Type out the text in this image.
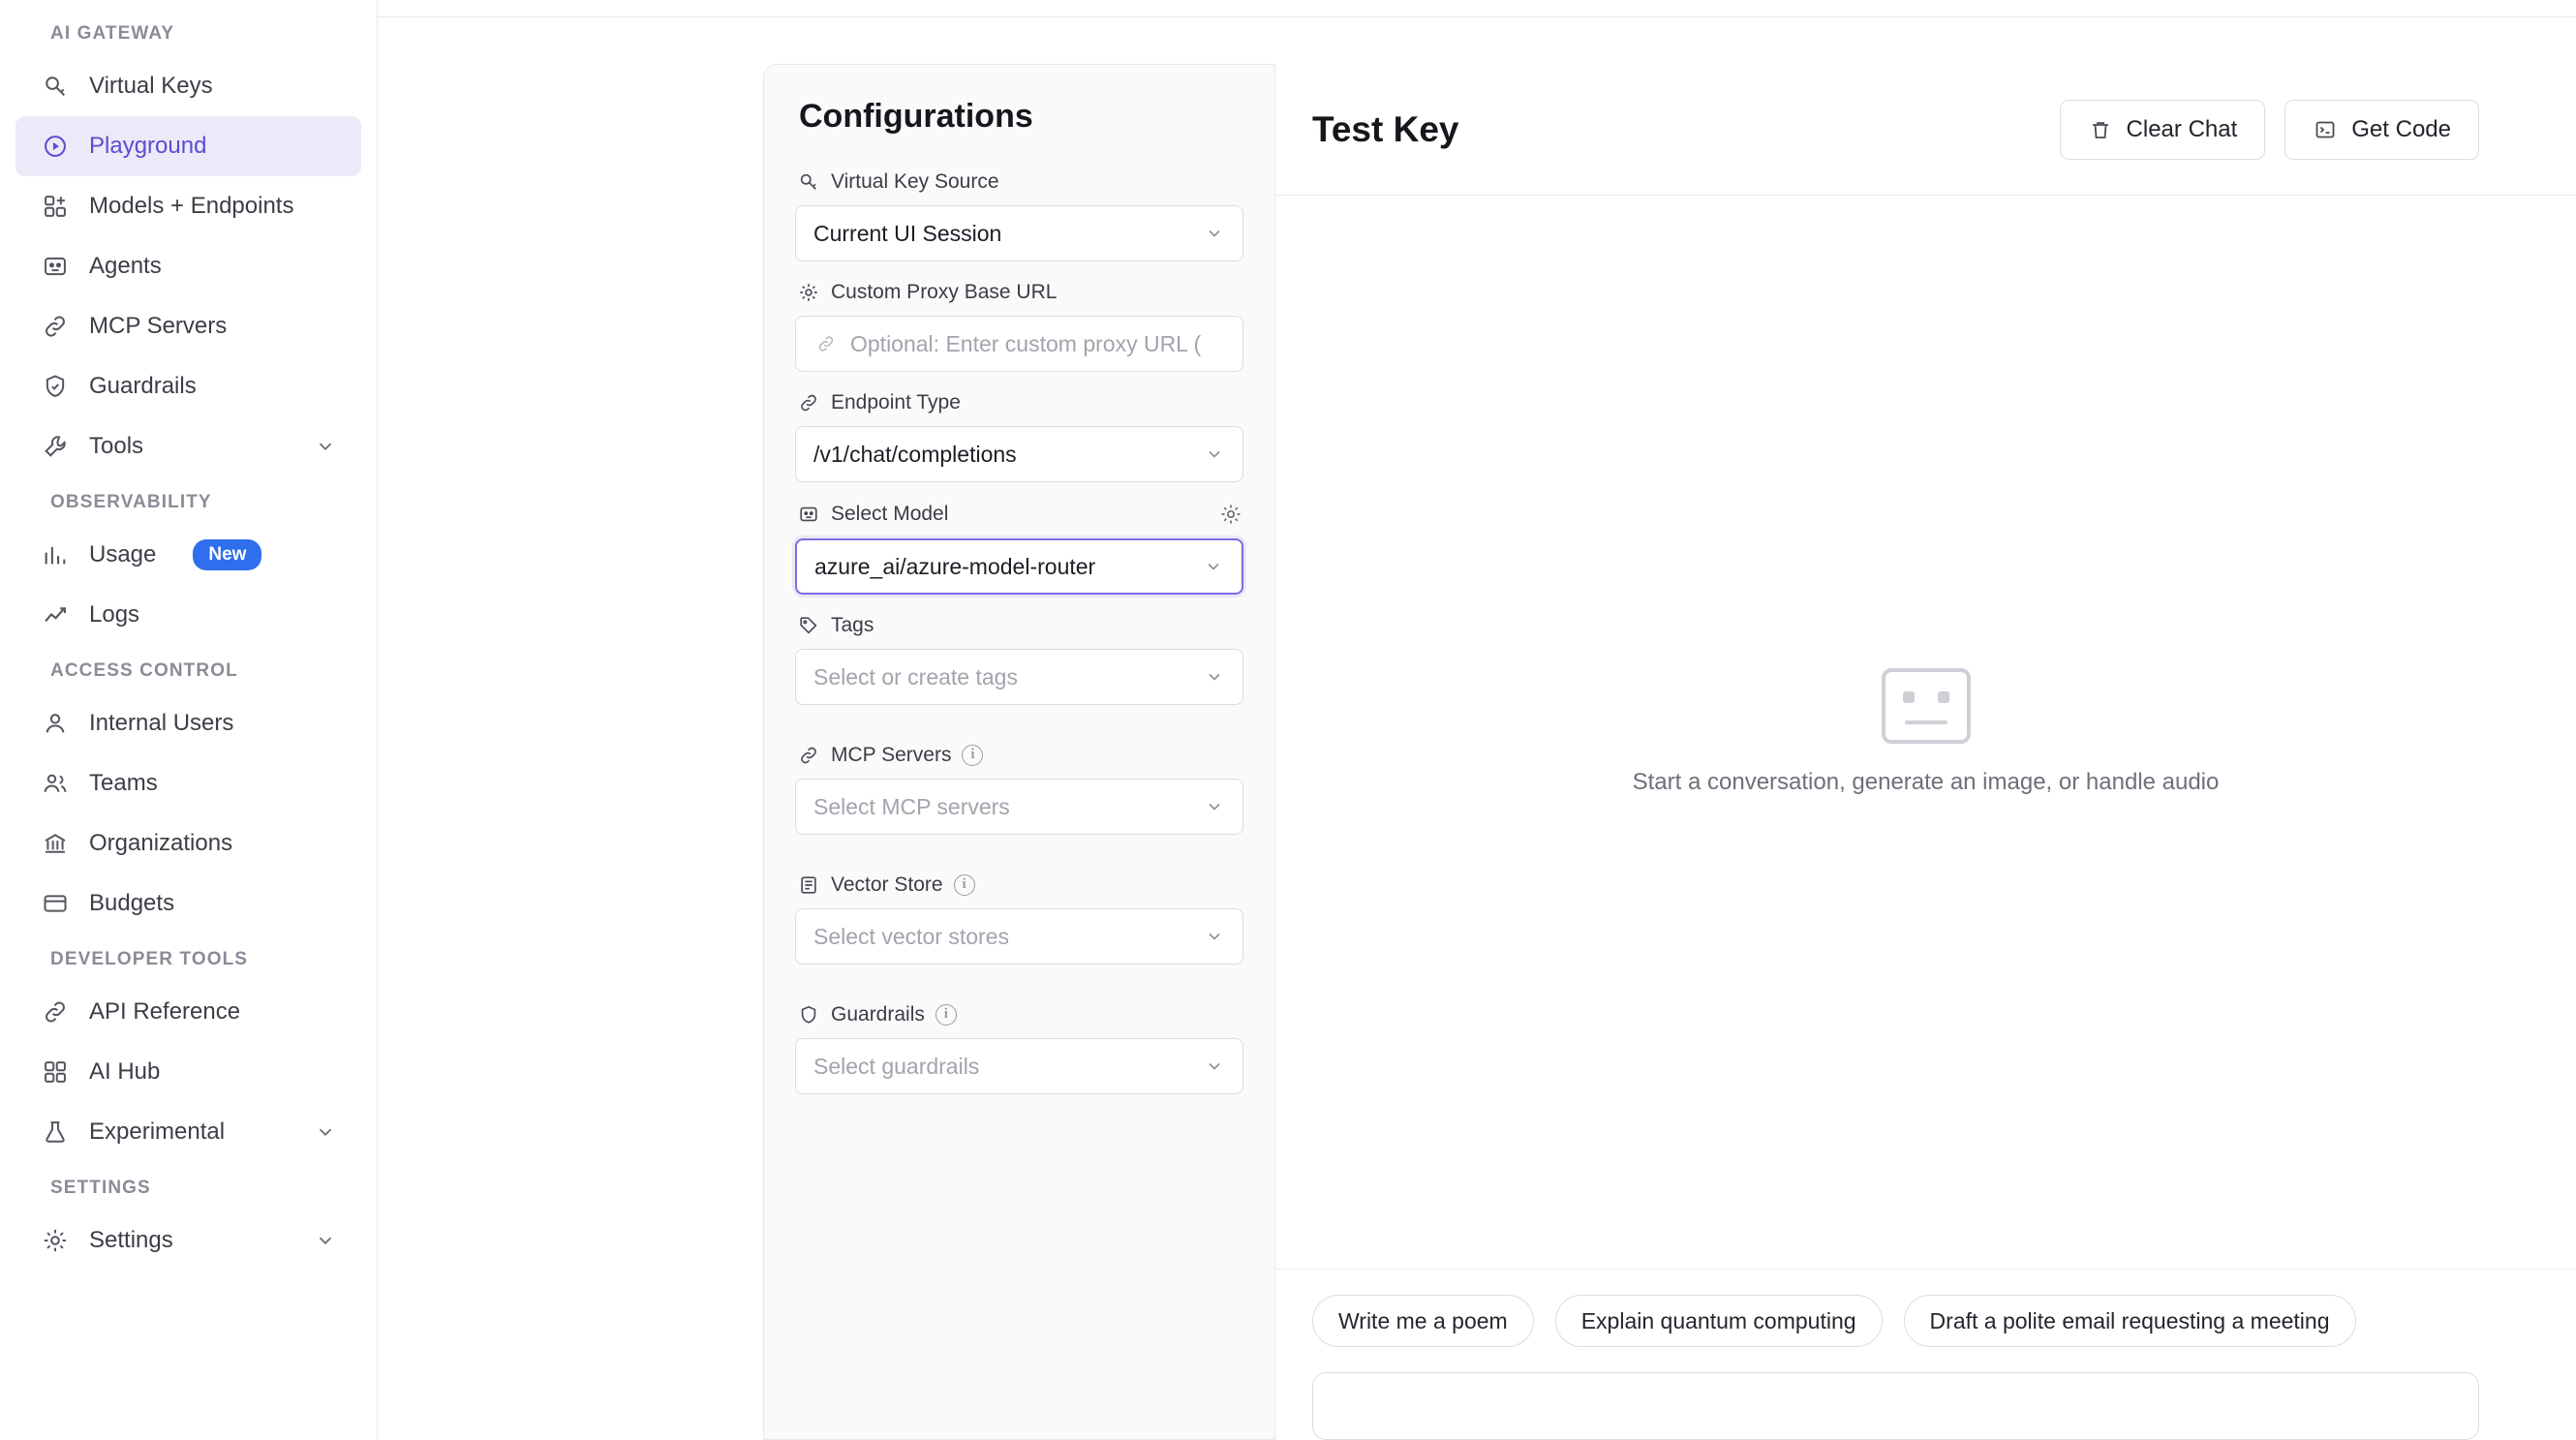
AI GATEWAY
Virtual Keys
Playground
Models + Endpoints
Agents
MCP Servers
Guardrails
Tools
OBSERVABILITY
Usage	New
Logs
ACCESS CONTROL
Internal Users
Teams
Organizations
Budgets
DEVELOPER TOOLS
API Reference
AI Hub
Experimental
SETTINGS
Settings
Configurations
Virtual Key Source
Current UI Session
Custom Proxy Base URL
Optional: Enter custom proxy URL (
Endpoint Type
/v1/chat/completions
Select Model
azure_ai/azure-model-router
Tags
Select or create tags
MCP Servers	i
Select MCP servers
Vector Store	i
Select vector stores
Guardrails	i
Select guardrails
Test Key	Clear Chat	Get Code
Start a conversation, generate an image, or handle audio
Write me a poem	Explain quantum computing	Draft a polite email requesting a meeting
